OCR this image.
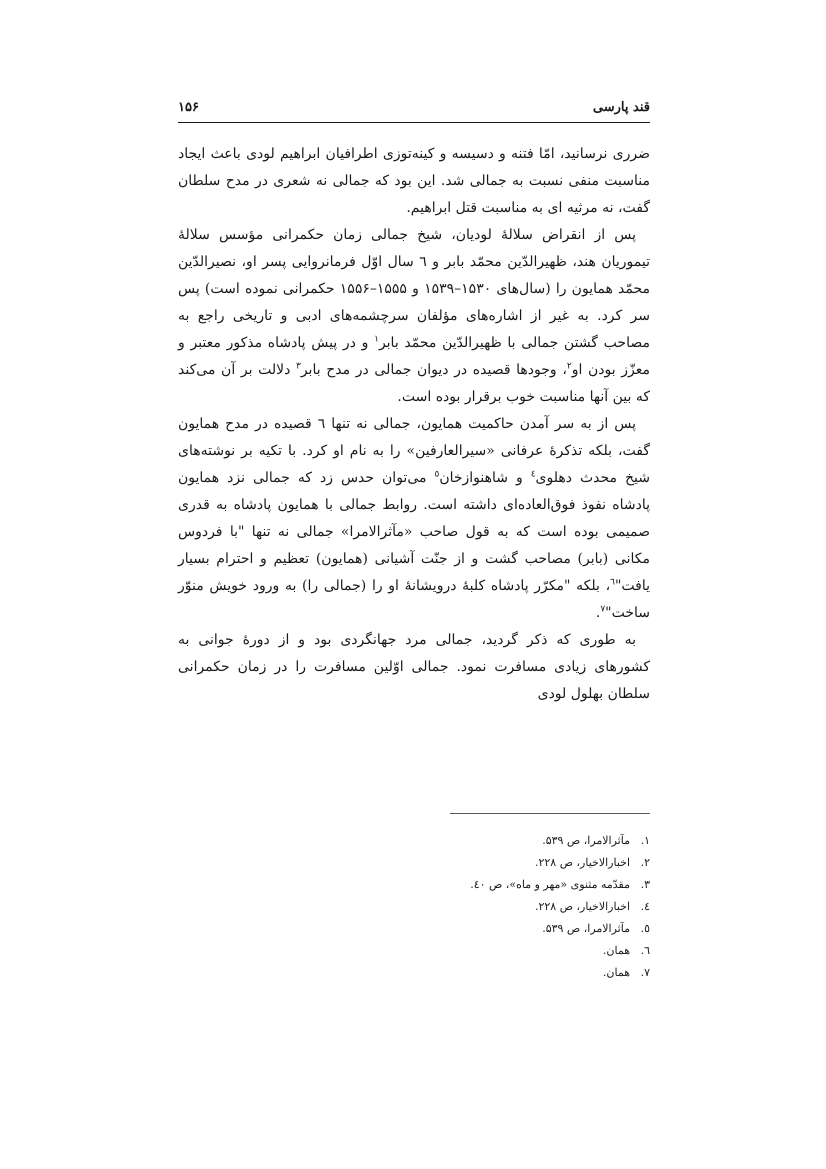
قند پارسی
۱۵۶

ضرری نرسانید، امّا فتنه و دسیسه و کینه‌توزی اطرافیان ابراهیم لودی باعث ایجاد مناسبت منفی نسبت به جمالی شد. این بود که جمالی نه شعری در مدح سلطان گفت، نه مرثیه ای به مناسبت قتل ابراهیم.

پس از انقراض سلالهٔ لودیان، شیخ جمالی زمان حکمرانی مؤسس سلالهٔ تیموریان هند، ظهیرالدّین محمّد بابر و ٦ سال اوّل فرمانروایی پسر او، نصیرالدّین محمّد همایون را (سال‌های ۱۵۳۰–۱۵۳۹ و ۱۵۵۵–۱۵۵۶ حکمرانی نموده است) پس سر کرد. به غیر از اشاره‌های مؤلفان سرچشمه‌های ادبی و تاریخی راجع به مصاحب گشتن جمالی با ظهیرالدّین محمّد بابر$^۱$ و در پیش پادشاه مذکور معتبر و معزّز بودن او$^۲$، وجودها قصیده در دیوان جمالی در مدح بابر$^۳$ دلالت بر آن می‌کند که بین آنها مناسبت خوب برقرار بوده است.

پس از به سر آمدن حاکمیت همایون، جمالی نه تنها ٦ قصیده در مدح همایون گفت، بلکه تذکرهٔ عرفانی «سیرالعارفین» را به نام او کرد. با تکیه بر نوشته‌های شیخ محدث دهلوی$^٤$ و شاهنوازخان$^٥$ می‌توان حدس زد که جمالی نزد همایون پادشاه نفوذ فوق‌العاده‌ای داشته است. روابط جمالی با همایون پادشاه به قدری صمیمی بوده است که به قول صاحب «مآثرالامرا» جمالی نه تنها "با فردوس مکانی (بابر) مصاحب گشت و از جنّت آشیانی (همایون) تعظیم و احترام بسیار یافت"$^٦$، بلکه "مکرّر پادشاه کلبهٔ درویشانهٔ او را (جمالی را) به ورود خویش منوّر ساخت"$^٧$.

به طوری که ذکر گردید، جمالی مرد جهانگردی بود و از دورهٔ جوانی به کشورهای زیادی مسافرت نمود. جمالی اوّلین مسافرت را در زمان حکمرانی سلطان بهلول لودی

۱.
مآثرالامرا، ص ۵۳۹.
۲.
اخبارالاخیار، ص ۲۲۸.
۳.
مقدّمه مثنوی «مهر و ماه»، ص ٤۰.
٤.
اخبارالاخیار، ص ۲۲۸.
٥.
مآثرالامرا، ص ۵۳۹.
٦.
همان.
۷.
همان.
